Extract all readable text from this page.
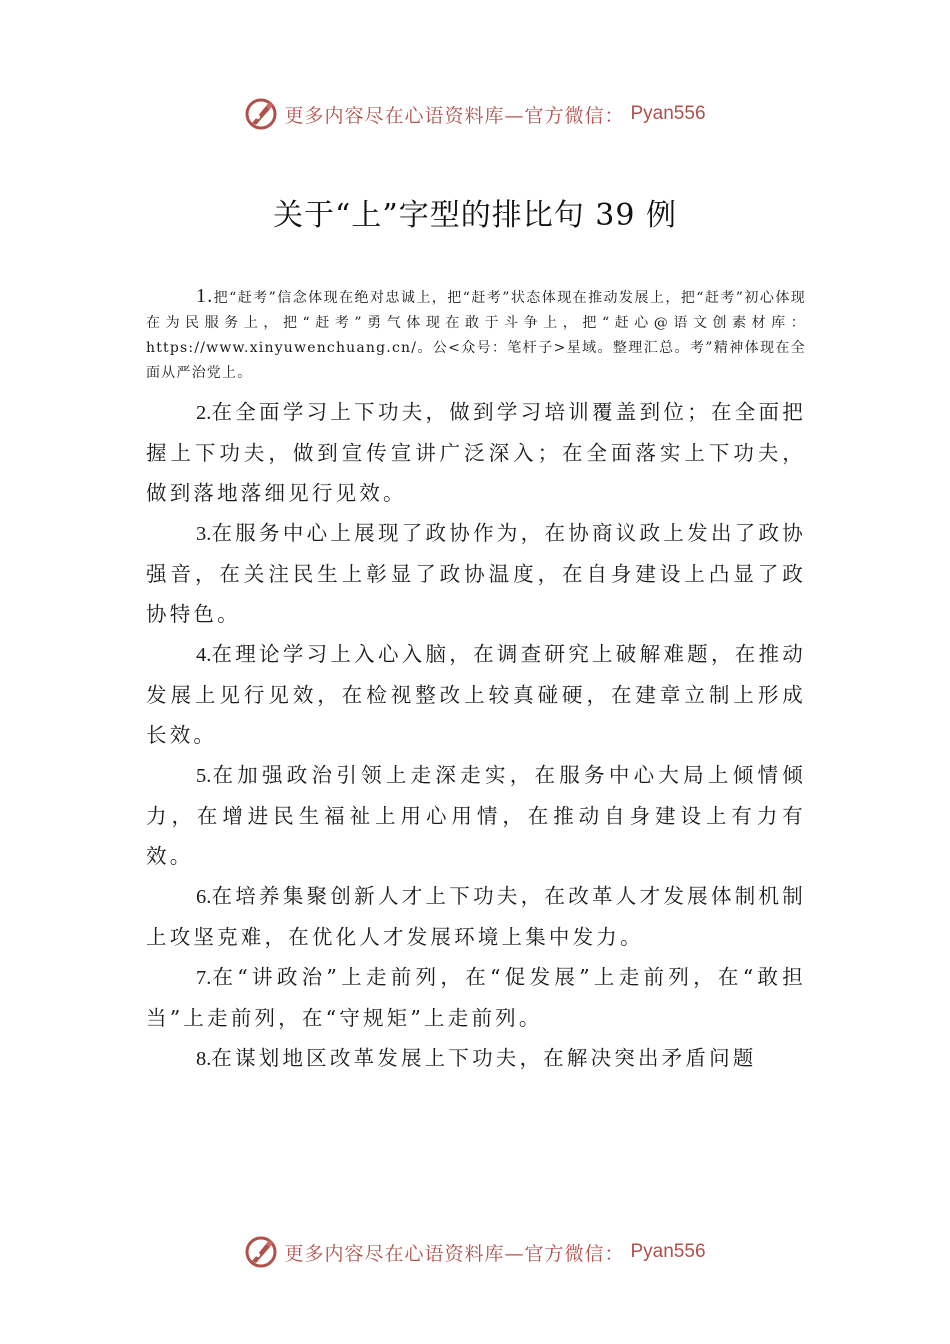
更多内容尽在心语资料库—官方微信： Pyan556
关于“上”字型的排比句 39 例

1.把“赶考”信念体现在绝对忠诚上，把“赶考”状态体现在推动发展上，把“赶考”初心体现在为民服务上，把“赶考”勇气体现在敢于斗争上，把“赶心@语文创素材库：https://www.xinyuwenchuang.cn/。公<众号：笔杆子>星域。整理汇总。考”精神体现在全面从严治党上。

2.在全面学习上下功夫，做到学习培训覆盖到位；在全面把握上下功夫，做到宣传宣讲广泛深入；在全面落实上下功夫，做到落地落细见行见效。

3.在服务中心上展现了政协作为，在协商议政上发出了政协强音，在关注民生上彰显了政协温度，在自身建设上凸显了政协特色。

4.在理论学习上入心入脑，在调查研究上破解难题，在推动发展上见行见效，在检视整改上较真碰硬，在建章立制上形成长效。

5.在加强政治引领上走深走实，在服务中心大局上倾情倾力，在增进民生福祉上用心用情，在推动自身建设上有力有效。

6.在培养集聚创新人才上下功夫，在改革人才发展体制机制上攻坚克难，在优化人才发展环境上集中发力。

7.在“讲政治”上走前列，在“促发展”上走前列，在“敢担当”上走前列，在“守规矩”上走前列。

8.在谋划地区改革发展上下功夫，在解决突出矛盾问题

更多内容尽在心语资料库—官方微信： Pyan556
